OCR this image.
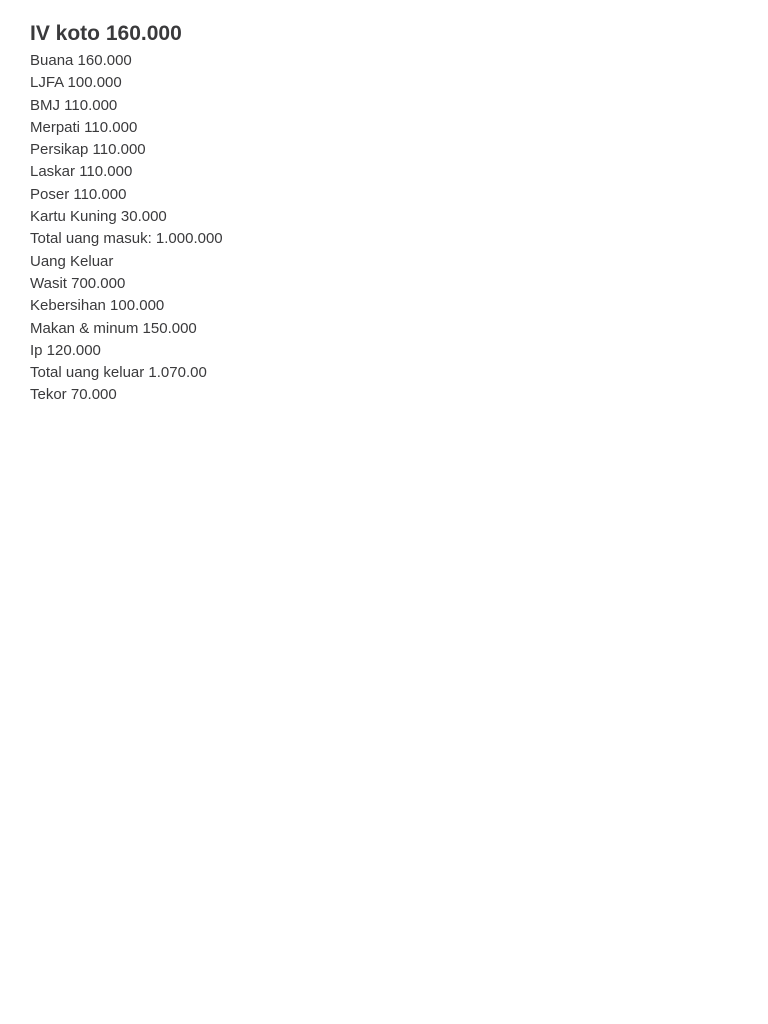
IV koto 160.000
Buana 160.000
LJFA 100.000
BMJ 110.000
Merpati 110.000
Persikap 110.000
Laskar 110.000
Poser 110.000
Kartu Kuning 30.000
Total uang masuk: 1.000.000
Uang Keluar
Wasit 700.000
Kebersihan 100.000
Makan & minum 150.000
Ip 120.000
Total uang keluar 1.070.00
Tekor 70.000
